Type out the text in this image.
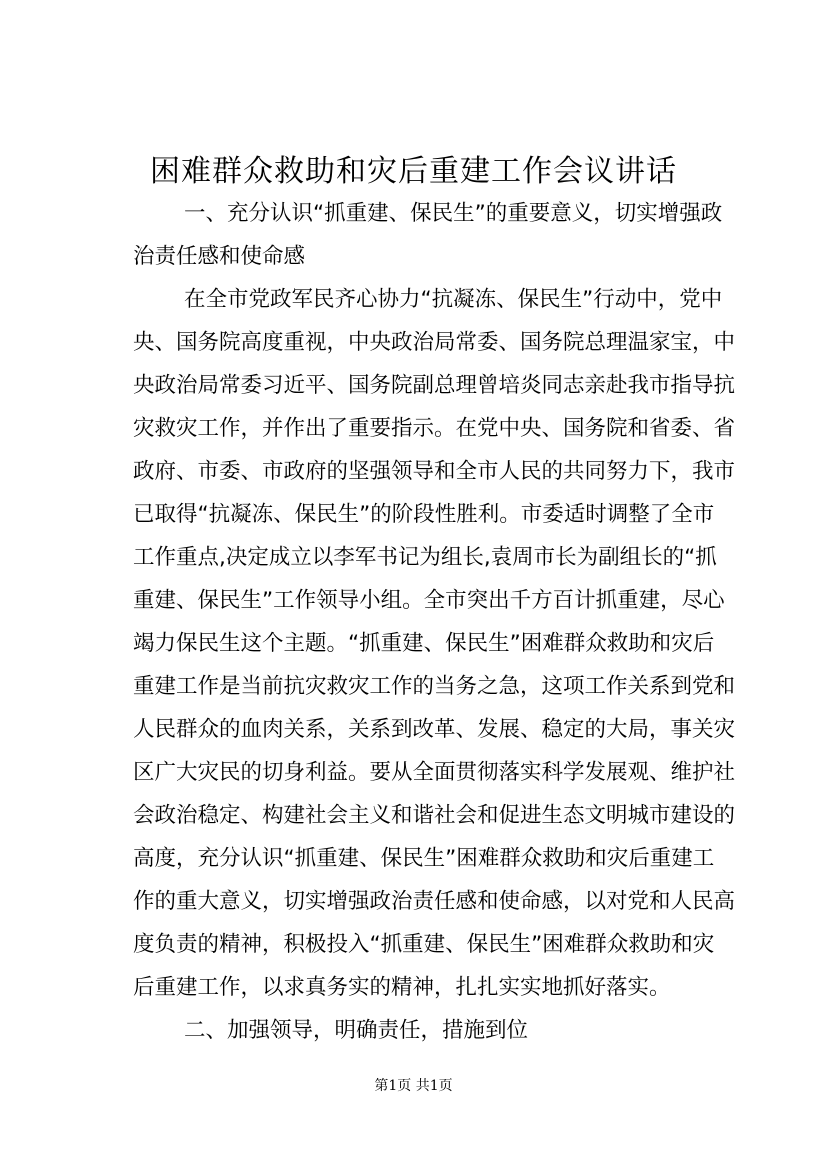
困难群众救助和灾后重建工作会议讲话
一、充分认识“抓重建、保民生”的重要意义，切实增强政
治责任感和使命感
在全市党政军民齐心协力“抗凝冻、保民生”行动中，党中
央、国务院高度重视，中央政治局常委、国务院总理温家宝，中
央政治局常委习近平、国务院副总理曾培炎同志亲赴我市指导抗
灾救灾工作，并作出了重要指示。在党中央、国务院和省委、省
政府、市委、市政府的坚强领导和全市人民的共同努力下，我市
已取得“抗凝冻、保民生”的阶段性胜利。市委适时调整了全市
工作重点,决定成立以李军书记为组长,袁周市长为副组长的“抓
重建、保民生”工作领导小组。全市突出千方百计抓重建，尽心
竭力保民生这个主题。“抓重建、保民生”困难群众救助和灾后
重建工作是当前抗灾救灾工作的当务之急，这项工作关系到党和
人民群众的血肉关系，关系到改革、发展、稳定的大局，事关灾
区广大灾民的切身利益。要从全面贯彻落实科学发展观、维护社
会政治稳定、构建社会主义和谐社会和促进生态文明城市建设的
高度，充分认识“抓重建、保民生”困难群众救助和灾后重建工
作的重大意义，切实增强政治责任感和使命感，以对党和人民高
度负责的精神，积极投入“抓重建、保民生”困难群众救助和灾
后重建工作，以求真务实的精神，扎扎实实地抓好落实。
二、加强领导，明确责任，措施到位
第1页 共1页
